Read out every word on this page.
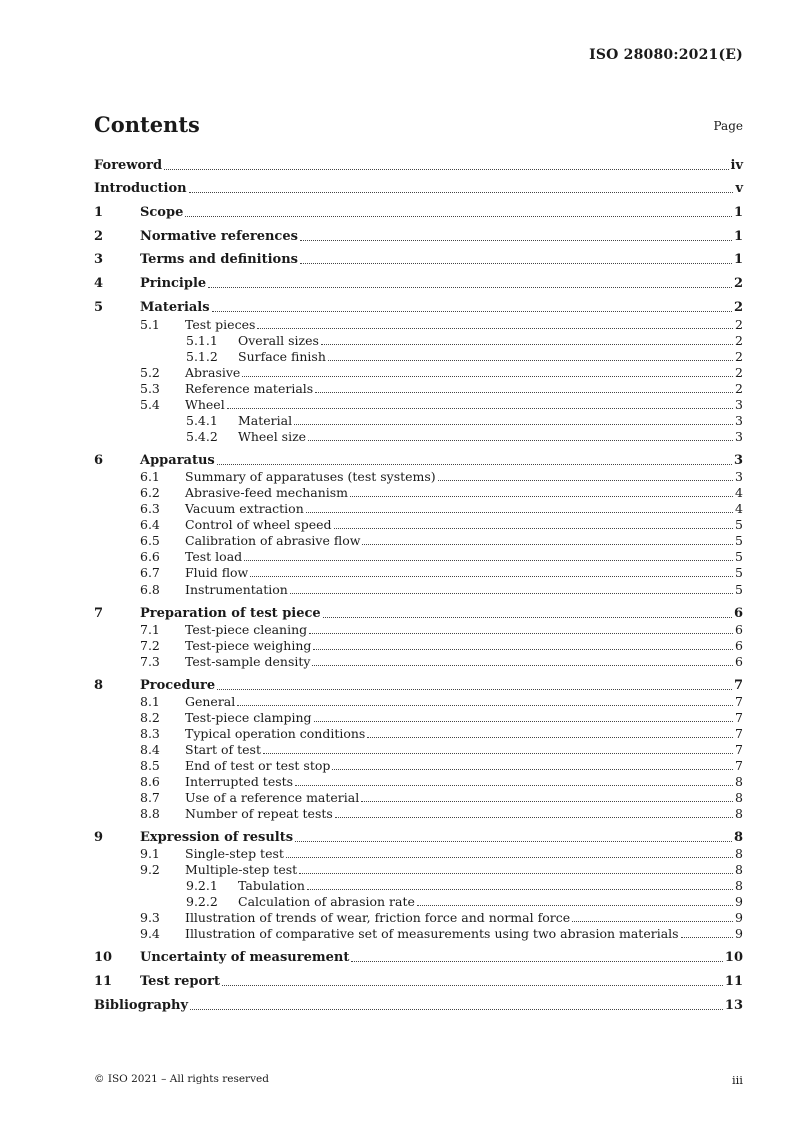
ISO 28080:2021(E)
Contents	Page
Foreword	iv
Introduction	v
1	Scope	1
2	Normative references	1
3	Terms and definitions	1
4	Principle	2
5	Materials	2
5.1 Test pieces	2
5.1.1 Overall sizes	2
5.1.2 Surface finish	2
5.2 Abrasive	2
5.3 Reference materials	2
5.4 Wheel	3
5.4.1 Material	3
5.4.2 Wheel size	3
6	Apparatus	3
6.1 Summary of apparatuses (test systems)	3
6.2 Abrasive-feed mechanism	4
6.3 Vacuum extraction	4
6.4 Control of wheel speed	5
6.5 Calibration of abrasive flow	5
6.6 Test load	5
6.7 Fluid flow	5
6.8 Instrumentation	5
7	Preparation of test piece	6
7.1 Test-piece cleaning	6
7.2 Test-piece weighing	6
7.3 Test-sample density	6
8	Procedure	7
8.1 General	7
8.2 Test-piece clamping	7
8.3 Typical operation conditions	7
8.4 Start of test	7
8.5 End of test or test stop	7
8.6 Interrupted tests	8
8.7 Use of a reference material	8
8.8 Number of repeat tests	8
9	Expression of results	8
9.1 Single-step test	8
9.2 Multiple-step test	8
9.2.1 Tabulation	8
9.2.2 Calculation of abrasion rate	9
9.3 Illustration of trends of wear, friction force and normal force	9
9.4 Illustration of comparative set of measurements using two abrasion materials	9
10 Uncertainty of measurement	10
11 Test report	11
Bibliography	13
© ISO 2021 – All rights reserved	iii
